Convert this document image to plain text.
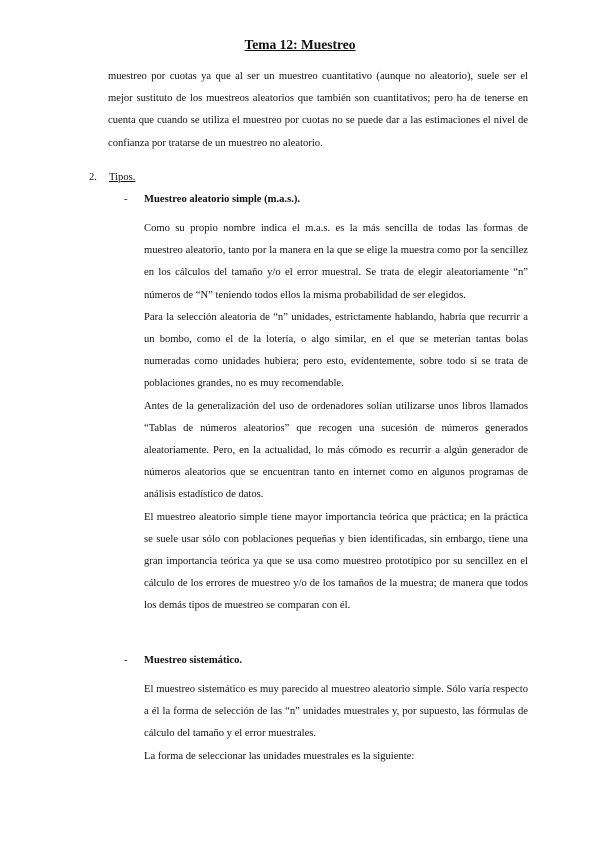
Tema 12: Muestreo
muestreo por cuotas ya que al ser un muestreo cuantitativo (aunque no aleatorio), suele ser el mejor sustituto de los muestreos aleatorios que también son cuantitativos; pero ha de tenerse en cuenta que cuando se utiliza el muestreo por cuotas no se puede dar a las estimaciones el nivel de confianza por tratarse de un muestreo no aleatorio.
2. Tipos.
- Muestreo aleatorio simple (m.a.s.).

Como su propio nombre indica el m.a.s. es la más sencilla de todas las formas de muestreo aleatorio, tanto por la manera en la que se elige la muestra como por la sencillez en los cálculos del tamaño y/o el error muestral. Se trata de elegir aleatoriamente “n” números de “N” teniendo todos ellos la misma probabilidad de ser elegidos.

Para la selección aleatoria de “n” unidades, estrictamente hablando, habría que recurrir a un bombo, como el de la lotería, o algo similar, en el que se meterían tantas bolas numeradas como unidades hubiera; pero esto, evidentemente, sobre todo si se trata de poblaciones grandes, no es muy recomendable.

Antes de la generalización del uso de ordenadores solían utilizarse unos libros llamados “Tablas de números aleatorios” que recogen una sucesión de números generados aleatoriamente. Pero, en la actualidad, lo más cómodo es recurrir a algún generador de números aleatorios que se encuentran tanto en internet como en algunos programas de análisis estadístico de datos.

El muestreo aleatorio simple tiene mayor importancia teórica que práctica; en la práctica se suele usar sólo con poblaciones pequeñas y bien identificadas, sin embargo, tiene una gran importancia teórica ya que se usa como muestreo prototípico por su sencillez en el cálculo de los errores de muestreo y/o de los tamaños de la muestra; de manera que todos los demás tipos de muestreo se comparan con él.

- Muestreo sistemático.

El muestreo sistemático es muy parecido al muestreo aleatorio simple. Sólo varía respecto a él la forma de selección de las “n” unidades muestrales y, por supuesto, las fórmulas de cálculo del tamaño y el error muestrales.

La forma de seleccionar las unidades muestrales es la siguiente:
